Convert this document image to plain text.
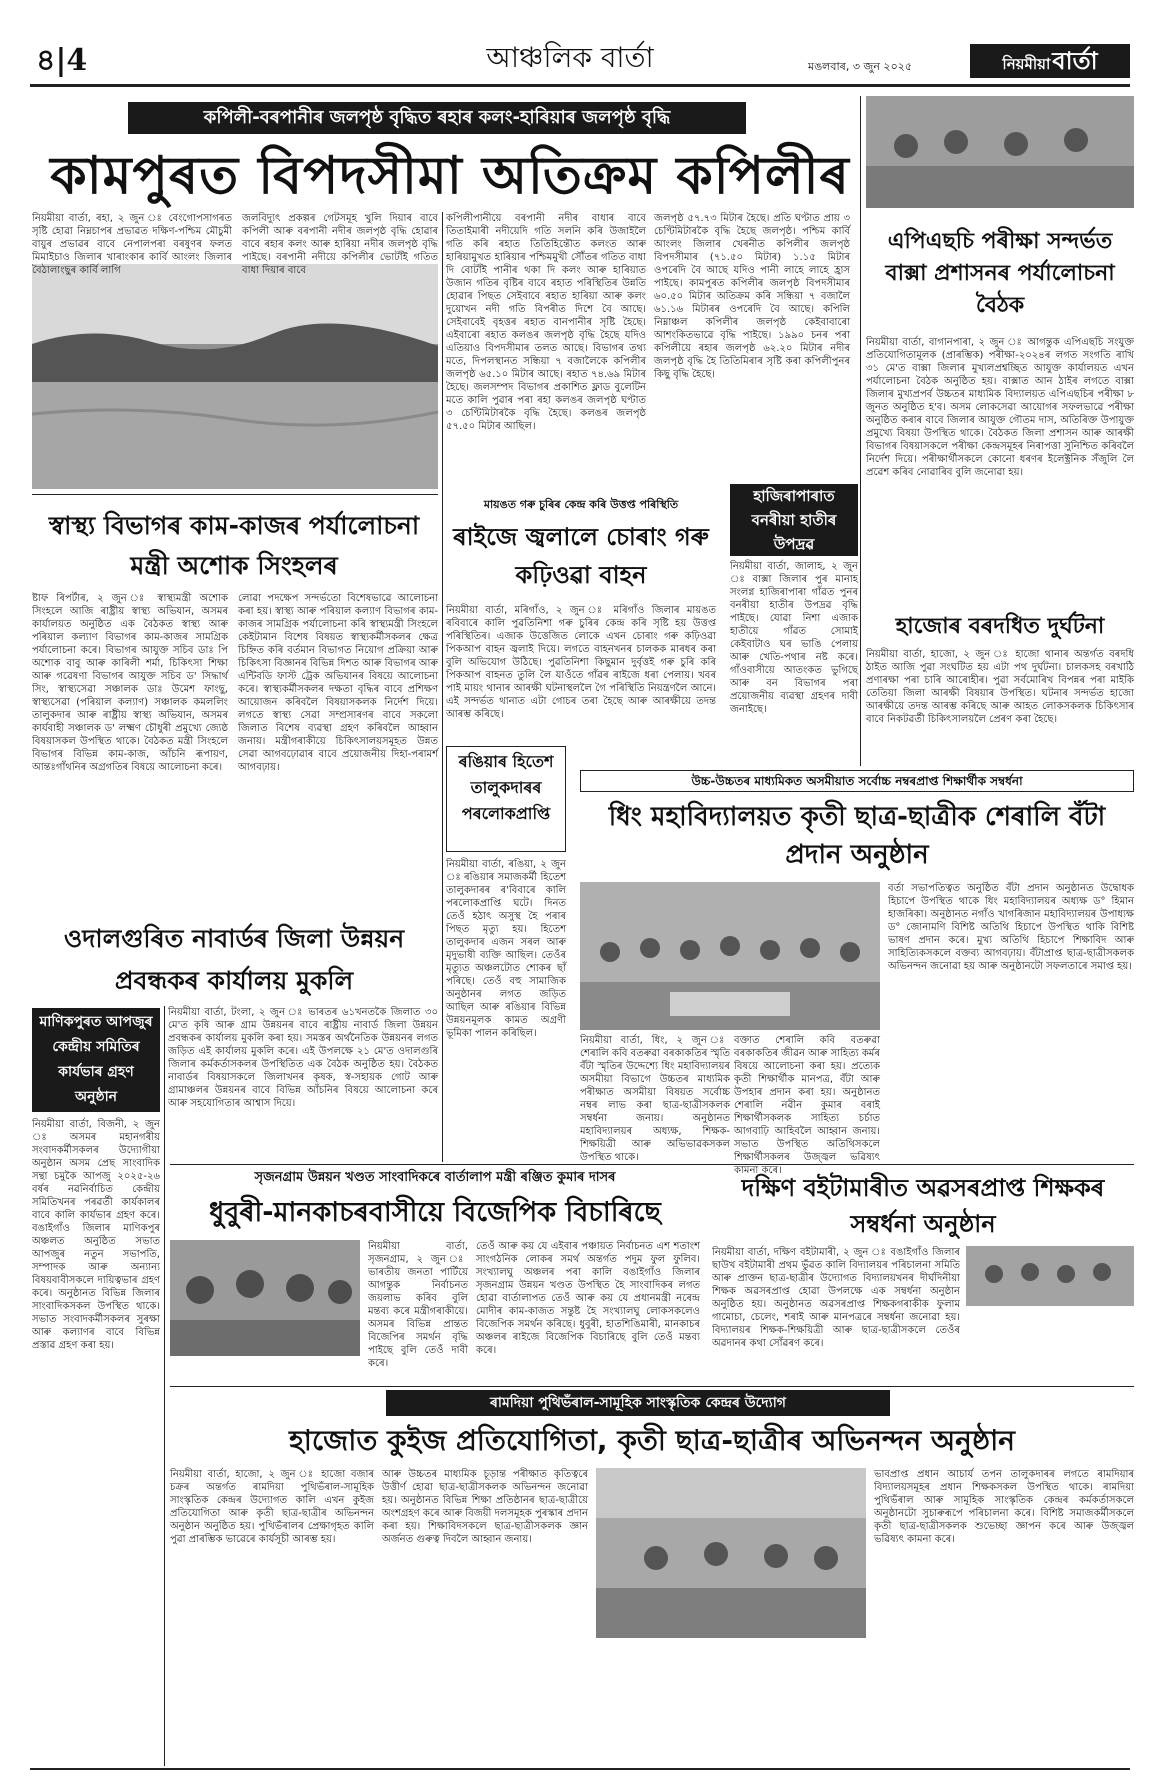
৪|4	আঞ্চলিক বাৰ্তা	মঙলবাৰ, ৩ জুন ২০২৫	নিয়মীয়াবাৰ্তা
কপিলী-বৰপানীৰ জলপৃষ্ঠ বৃদ্ধিত ৰহাৰ কলং-হাৰিয়াৰ জলপৃষ্ঠ বৃদ্ধি
কামপুৰত বিপদসীমা অতিক্ৰম কপিলীৰ
নিয়মীয়া বাৰ্তা, ৰহা, ২ জুন ঃ বেংগোপসাগৰত সৃষ্টি হোৱা নিম্নচাপৰ প্ৰভাৱত দক্ষিণ-পশ্চিম মৌচুমী বায়ুৰ প্ৰভাৱৰ বাবে নেপালপৰা বৰষুণৰ ফলত মিমাইচাও জিলাৰ খাৰাংকাৰ কাৰ্বি আংলং জিলাৰ বৈঠালাংছুৰ কাৰ্বি লাগি
জলবিদ্যুৎ প্ৰকল্পৰ গেটসমূহ খুলি দিয়াৰ বাবে কপিলী আৰু বৰপানী নদীৰ জলপৃষ্ঠ বৃদ্ধি হোৱাৰ বাবে ৰহাৰ কলং আৰু হাৰিয়া নদীৰ জলপৃষ্ঠ বৃদ্ধি পাইছে। বৰপানী নদীয়ে কপিলীৰ ভোটাঁই গতিত বাধা দিয়াৰ বাবে
কপিলীপানীয়ে বৰপানী নদীৰ বাধাৰ বাবে তিতাইমাৰী নদীয়েদি গতি সলনি কৰি উজাইলৈ গতি কৰি ৰহাত তিতিহিন্তৌত কলংত আৰু হাৰিয়ামুখত হাৰিয়াৰ পশ্চিমমুখী সৌঁতৰ গতিত বাধা দি বোটাঁই পানীৰ থকা দি কলং আৰু হাৰিয়াত উজান গতিৰ বৃষ্টিৰ বাবে ৰহাত পৰিস্থিতিৰ উন্নতি হোৱাৰ পিছত সেইবাবে ৰহাত হাৰিয়া আৰু কলং দুয়োখন নদী গতি বিপৰীত দিশে বৈ আছে। সেইবাবেই বৃহত্তৰ ৰহাত বানপানীৰ সৃষ্টি হৈছে। এইবাৰো ৰহাত কলঙৰ জলপৃষ্ঠ বৃদ্ধি হৈছে যদিও এতিয়াও বিপদসীমাৰ তলত আছে। বিভাগৰ তথ্য মতে, দিপলস্থানত সন্ধিয়া ৭ বজালৈকে কপিলীৰ জলপৃষ্ঠ ৬৫.১০ মিটাৰ আছে। ৰহাত ৭৪.৬৯ মিটাৰ হৈছে। জলসম্পদ বিভাগৰ প্ৰকাশিত ফ্লাড বুলেটিন মতে কালি পুৱাৰ পৰা ৰহা কলঙৰ জলপৃষ্ঠ ঘণ্টাত ৩ চেণ্টিমিটাৰকৈ বৃদ্ধি হৈছে। কলঙৰ জলপৃষ্ঠ ৫৭.৫০ মিটাৰ আছিল।
জলপৃষ্ঠ ৫৭.৭৩ মিটাৰ হৈছে। প্ৰতি ঘণ্টাত প্ৰায় ৩ চেণ্টিমিটাৰকৈ বৃদ্ধি হৈছে জলপৃষ্ঠ। পশ্চিম কাৰ্বি আংলং জিলাৰ খেৰনীত কপিলীৰ জলপৃষ্ঠ বিপদসীমাৰ (৭১.৫০ মিটাৰ) ১.১৫ মিটাৰ ওপৰেদি বৈ আছে যদিও পানী লাহে লাহে হ্ৰাস পাইছে। কামপুৰত কপিলীৰ জলপৃষ্ঠ বিপদসীমাৰ ৬০.৫০ মিটাৰ অতিক্ৰম কৰি সন্ধিয়া ৭ বজালৈ ৬১.১৬ মিটাৰৰ ওপৰেদি বৈ আছে। কপিলি নিম্নাঞ্চল কপিলীৰ জলপৃষ্ঠ কেইবাবাৰো আশংকিতভাৱে বৃদ্ধি পাইছে। ১৯৯০ চনৰ পৰা কপিলীয়ে ৰহাৰ জলপৃষ্ঠ ৬২.২০ মিটাৰ নদীৰ জলপৃষ্ঠ বৃদ্ধি হৈ তিতিমিৰাৰ সৃষ্টি কৰা কপিলীপুনৰ কিছু বৃদ্ধি হৈছে।
এপিএছচি পৰীক্ষা সন্দৰ্ভত বাক্সা প্ৰশাসনৰ পৰ্যালোচনা বৈঠক
নিয়মীয়া বাৰ্তা, বাগানপাৰা, ২ জুন ঃ আগন্তুক এপিএছচি সংযুক্ত প্ৰতিযোগিতামূলক (প্ৰাৰম্ভিক) পৰীক্ষা-২০২৪ৰ লগত সংগতি ৰাখি ৩১ মে'ত বাক্সা জিলাৰ মুখ্যলপ্ৰশ্বচ্ছিত আযুক্ত কাৰ্যালয়ত এখন পৰ্যালোচনা বৈঠক অনুষ্ঠিত হয়। বাক্সাত আন ঠাইৰ লগতে বাক্সা জিলাৰ মুখ্যপ্ৰপৰ্ব উচ্চতৰ মাধ্যমিক বিদ্যালয়ত এপিএছচিৰ পৰীক্ষা ৮ জুনত অনুষ্ঠিত হ'ব। অসম লোকসেৱা আয়োগৰ সফলভাৱে পৰীক্ষা অনুষ্ঠিত কৰাৰ বাবে জিলাৰ আযুক্ত গৌতম দাস, অতিৰিক্ত উপায়ুক্ত প্ৰমুখ্যে বিষয়া উপস্থিত থাকে। বৈঠকত জিলা প্ৰশাসন আৰু আৰক্ষী বিভাগৰ বিষয়াসকলে পৰীক্ষা কেন্দ্ৰসমূহৰ নিৰাপত্তা সুনিশ্চিত কৰিবলৈ নিৰ্দেশ দিয়ে। পৰীক্ষাৰ্থীসকলে কোনো ধৰণৰ ইলেক্ট্ৰনিক সঁজুলি লৈ প্ৰৱেশ কৰিব নোৱাৰিব বুলি জনোৱা হয়।
স্বাস্থ্য বিভাগৰ কাম-কাজৰ পৰ্যালোচনা মন্ত্ৰী অশোক সিংহলৰ
ষ্টাফ ৰিপৰ্টাৰ, ২ জুন ঃ স্বাস্থ্যমন্ত্ৰী অশোক সিংহলে আজি ৰাষ্ট্ৰীয় স্বাস্থ্য অভিযান, অসমৰ কাৰ্যালয়ত অনুষ্ঠিত এক বৈঠকত স্বাস্থ্য আৰু পৰিয়াল কল্যাণ বিভাগৰ কাম-কাজৰ সামগ্ৰিক পৰ্যালোচনা কৰে। বিভাগৰ আযুক্ত সচিব ডাঃ পি অশোক বাবু আৰু কাৰিলী শৰ্মা, চিকিৎসা শিক্ষা আৰু গৱেষণা বিভাগৰ আযুক্ত সচিব ড' সিদ্ধাৰ্থ সিং, স্বাস্থ্যসেৱা সঞ্চালক ডাঃ উমেশ ফাংছু, স্বাস্থ্যসেৱা (পৰিয়াল কল্যাণ) সঞ্চালক কমললিং তালুকদাৰ আৰু ৰাষ্ট্ৰীয় স্বাস্থ্য অভিযান, অসমৰ কাৰ্যবাহী সঞ্চালক ড' লক্ষ্মণ চৌধুৰী প্ৰমুখ্যে জ্যেষ্ঠ বিষয়াসকল উপস্থিত থাকে। বৈঠকত মন্ত্ৰী সিংহলে বিভাগৰ বিভিন্ন কাম-কাজ, আঁচনি ৰূপায়ণ, আন্তঃগাঁথনিৰ অগ্ৰগতিৰ বিষয়ে আলোচনা কৰে।
লোৱা পদক্ষেপ সন্দৰ্ভতো বিশেষভাৱে আলোচনা কৰা হয়। স্বাস্থ্য আৰু পৰিয়াল কল্যাণ বিভাগৰ কাম-কাজৰ সামগ্ৰিক পৰ্যালোচনা কৰি স্বাস্থ্যমন্ত্ৰী সিংহলে কেইটামান বিশেষ বিষয়ত স্বাস্থ্যকৰ্মীসকলৰ ক্ষেত্ৰ চিহ্নিত কৰি বৰ্তমান বিভাগত নিয়োগ প্ৰক্ৰিয়া আৰু চিকিৎসা বিজ্ঞানৰ বিভিন্ন দিশত আৰু বিভাগৰ আৰু এন্টিবডি ফাস্ট ট্ৰেক অভিযানৰ বিষয়ে আলোচনা কৰে। স্বাস্থ্যকৰ্মীসকলৰ দক্ষতা বৃদ্ধিৰ বাবে প্ৰশিক্ষণ আয়োজন কৰিবলৈ বিষয়াসকলক নিৰ্দেশ দিয়ে। লগতে স্বাস্থ্য সেৱা সম্প্ৰসাৰণৰ বাবে সকলো জিলাত বিশেষ ব্যৱস্থা গ্ৰহণ কৰিবলৈ আহ্বান জনায়। মন্ত্ৰীগৰাকীয়ে চিকিৎসালয়সমূহত উন্নত সেৱা আগবঢ়োৱাৰ বাবে প্ৰয়োজনীয় দিহা-পৰামৰ্শ আগবঢ়ায়।
মায়ঙত গৰু চুৰিৰ কেন্দ্ৰ কৰি উত্তপ্ত পৰিস্থিতি
ৰাইজে জ্বলালে চোৰাং গৰু কঢ়িওৱা বাহন
নিয়মীয়া বাৰ্তা, মৰিগাঁও, ২ জুন ঃ মৰিগাঁও জিলাৰ মায়ঙত ৰবিবাৰে কালি পুৱতিনিশা গৰু চুৰিৰ কেন্দ্ৰ কৰি সৃষ্টি হয় উত্তপ্ত পৰিস্থিতিৰ। এজাক উত্তেজিত লোকে এখন চোৰাং গৰু কঢ়িওৱা পিকআপ বাহন জ্বলাই দিয়ে। লগতে বাহনখনৰ চালকক মাৰধৰ কৰা বুলি অভিযোগ উঠিছে। পুৱতিনিশা কিছুমান দুৰ্বৃত্তই গৰু চুৰি কৰি পিকআপ বাহনত তুলি লৈ যাওঁতে গাঁৱৰ ৰাইজে ধৰা পেলায়। খবৰ পাই মায়ং থানাৰ আৰক্ষী ঘটনাস্থললৈ গৈ পৰিস্থিতি নিয়ন্ত্ৰণলৈ আনে। এই সন্দৰ্ভত থানাত এটা গোচৰ তৰা হৈছে আৰু আৰক্ষীয়ে তদন্ত আৰম্ভ কৰিছে।
হাজিৰাপাৰাত বনৰীয়া হাতীৰ উপদ্ৰৱ
নিয়মীয়া বাৰ্তা, জালাহ, ২ জুন ঃ বাক্সা জিলাৰ পুৰ মানাহ সংলগ্ন হাজিৰাপাৰা গাঁৱত পুনৰ বনৰীয়া হাতীৰ উপদ্ৰৱ বৃদ্ধি পাইছে। যোৱা নিশা এজাক হাতীয়ে গাঁৱত সোমাই কেইবাটাও ঘৰ ভাঙি পেলায় আৰু খেতি-পথাৰ নষ্ট কৰে। গাঁওবাসীয়ে আতংকত ভুগিছে আৰু বন বিভাগৰ পৰা প্ৰয়োজনীয় ব্যৱস্থা গ্ৰহণৰ দাবী জনাইছে।
হাজোৰ বৰদধিত দুৰ্ঘটনা
নিয়মীয়া বাৰ্তা, হাজো, ২ জুন ঃ হাজো থানাৰ অন্তৰ্গত বৰদধি ঠাইত আজি পুৱা সংঘটিত হয় এটা পথ দুৰ্ঘটনা। চালকসহ বৰখাঠি প্ৰণাৰক্ষা পৰা চাৰি আৰোহীৰ। পুৱা সৰ্বমোৰিখ বিপন্নৰ পৰা মাইকি তেতিয়া জিলা আৰক্ষী বিষয়াৰ উপস্থিত। ঘটনাৰ সন্দৰ্ভত হাজো আৰক্ষীয়ে তদন্ত আৰম্ভ কৰিছে আৰু আহত লোকসকলক চিকিৎসাৰ বাবে নিকটৱৰ্তী চিকিৎসালয়লৈ প্ৰেৰণ কৰা হৈছে।
ৰঙিয়াৰ হিতেশ তালুকদাৰৰ পৰলোকপ্ৰাপ্তি
নিয়মীয়া বাৰ্তা, ৰঙিয়া, ২ জুন ঃ ৰঙিয়াৰ সমাজকৰ্মী হিতেশ তালুকদাৰৰ ৰ'বিবাৰে কালি পৰলোকপ্ৰাপ্তি ঘটে। দিনত তেওঁ হঠাৎ অসুস্থ হৈ পৰাৰ পিছত মৃত্যু হয়। হিতেশ তালুকদাৰ এজন সৰল আৰু মৃদুভাষী ব্যক্তি আছিল। তেওঁৰ মৃত্যুত অঞ্চলটোত শোকৰ ছাঁ পৰিছে। তেওঁ বহু সামাজিক অনুষ্ঠানৰ লগত জড়িত আছিল আৰু ৰঙিয়াৰ বিভিন্ন উন্নয়নমূলক কামত অগ্ৰণী ভূমিকা পালন কৰিছিল।
উচ্চ-উচ্চতৰ মাধ্যমিকত অসমীয়াত সৰ্বোচ্চ নম্বৰপ্ৰাপ্ত শিক্ষাৰ্থীক সম্বৰ্ধনা
ধিং মহাবিদ্যালয়ত কৃতী ছাত্ৰ-ছাত্ৰীক শেৰালি বঁটা প্ৰদান অনুষ্ঠান
নিয়মীয়া বাৰ্তা, ধিং, ২ জুন ঃ শেৰালি কবি বতৰুৱা বৰকাকতিৰ স্মৃতি বঁটা স্মৃতিৰ উদ্দেশ্যে ধিং মহাবিদ্যালয়ৰ অসমীয়া বিভাগে উচ্চতৰ মাধ্যমিক পৰীক্ষাত অসমীয়া বিষয়ত সৰ্বোচ্চ নম্বৰ লাভ কৰা ছাত্ৰ-ছাত্ৰীসকলক সম্বৰ্ধনা জনায়। অনুষ্ঠানত মহাবিদ্যালয়ৰ অধ্যক্ষ, শিক্ষক-শিক্ষয়িত্ৰী আৰু অভিভাৱকসকল উপস্থিত থাকে।
বক্তাত শেৰালি কবি বতৰুৱা বৰকাকতিৰ জীৱন আৰু সাহিত্য কৰ্মৰ বিষয়ে আলোচনা কৰা হয়। প্ৰত্যেক কৃতী শিক্ষাৰ্থীক মানপত্ৰ, বঁটা আৰু উপহাৰ প্ৰদান কৰা হয়। অনুষ্ঠানত শেৰালি নৱীন কুমাৰ বৰাই শিক্ষাৰ্থীসকলক সাহিত্য চৰ্চাত আগবাঢ়ি আহিবলৈ আহ্বান জনায়। সভাত উপস্থিত অতিথিসকলে শিক্ষাৰ্থীসকলৰ উজ্জ্বল ভৱিষ্যৎ কামনা কৰে।
বৰ্তা সভাপতিত্বত অনুষ্ঠিত বঁটা প্ৰদান অনুষ্ঠানত উদ্বোধক হিচাপে উপস্থিত থাকে ধিং মহাবিদ্যালয়ৰ অধ্যক্ষ ড° হিমান হাজৰিকা। অনুষ্ঠানত নগাঁও খাগৰিজান মহাবিদ্যালয়ৰ উপাধ্যক্ষ ড° জোনামণি বিশিষ্ট অতিথি হিচাপে উপস্থিত থাকি বিশিষ্ট ভাষণ প্ৰদান কৰে। মুখ্য অতিথি হিচাপে শিক্ষাবিদ আৰু সাহিত্যিকসকলে বক্তব্য আগবঢ়ায়। বঁটাপ্ৰাপ্ত ছাত্ৰ-ছাত্ৰীসকলক অভিনন্দন জনোৱা হয় আৰু অনুষ্ঠানটো সফলতাৰে সমাপ্ত হয়।
ওদালগুৰিত নাবাৰ্ডৰ জিলা উন্নয়ন প্ৰবন্ধকৰ কাৰ্যালয় মুকলি
নিয়মীয়া বাৰ্তা, টংলা, ২ জুন ঃ ভাৰতৰ ৬১খনতকৈ জিলাত ৩০ মে'ত কৃষি আৰু গ্ৰাম উন্নয়নৰ বাবে ৰাষ্ট্ৰীয় নাবাৰ্ড জিলা উন্নয়ন প্ৰবন্ধকৰ কাৰ্যালয় মুকলি কৰা হয়। সমস্তৰ অৰ্থনৈতিক উন্নয়নৰ লগত জড়িত এই কাৰ্যালয় মুকলি কৰে। এই উপলক্ষে ২১ মে'ত ওদালগুৰি জিলাৰ কৰ্মকৰ্তাসকলৰ উপস্থিতিত এক বৈঠক অনুষ্ঠিত হয়। বৈঠকত নাবাৰ্ডৰ বিষয়াসকলে জিলাখনৰ কৃষক, স্ব-সহায়ক গোট আৰু গ্ৰামাঞ্চলৰ উন্নয়নৰ বাবে বিভিন্ন আঁচনিৰ বিষয়ে আলোচনা কৰে আৰু সহযোগিতাৰ আশ্বাস দিয়ে।
মাণিকপুৰত আপজুৰ কেন্দ্ৰীয় সমিতিৰ কাৰ্যভাৰ গ্ৰহণ অনুষ্ঠান
নিয়মীয়া বাৰ্তা, বিজনী, ২ জুন ঃ অসমৰ মহানগৰীয় সংবাদকৰ্মীসকলৰ উদ্যোগীয়া অনুষ্ঠান অসম প্ৰেছ সাংবাদিক সন্থা চমুকৈ আপজু ২০২৫-২৬ বৰ্ষৰ নৱনিৰ্বাচিত কেন্দ্ৰীয় সমিতিখনৰ পৰৱৰ্তী কাৰ্যকালৰ বাবে কালি কাৰ্যভাৰ গ্ৰহণ কৰে। বঙাইগাঁও জিলাৰ মাণিকপুৰ অঞ্চলত অনুষ্ঠিত সভাত আপজুৰ নতুন সভাপতি, সম্পাদক আৰু অন্যান্য বিষয়বাবীসকলে দায়িত্বভাৰ গ্ৰহণ কৰে। অনুষ্ঠানত বিভিন্ন জিলাৰ সাংবাদিকসকল উপস্থিত থাকে। সভাত সংবাদকৰ্মীসকলৰ সুৰক্ষা আৰু কল্যাণৰ বাবে বিভিন্ন প্ৰস্তাৱ গ্ৰহণ কৰা হয়।
সৃজনগ্ৰাম উন্নয়ন খণ্ডত সাংবাদিকৰে বাৰ্তালাপ মন্ত্ৰী ৰঞ্জিত কুমাৰ দাসৰ
ধুবুৰী-মানকাচৰবাসীয়ে বিজেপিক বিচাৰিছে
নিয়মীয়া বাৰ্তা, সৃজনগ্ৰাম, ২ জুন ঃ ভাৰতীয় জনতা পাৰ্টিয়ে আগন্তুক নিৰ্বাচনত জয়লাভ কৰিব বুলি মন্তব্য কৰে মন্ত্ৰীগৰাকীয়ে। অসমৰ বিভিন্ন প্ৰান্তত বিজেপিৰ সমৰ্থন বৃদ্ধি পাইছে বুলি তেওঁ দাবী কৰে।
তেওঁ আৰু কয় যে এইবাৰ পঞ্চায়ত নিৰ্বাচনত এশ শতাংশ সাংগঠনিক লোকৰ সমৰ্থ অন্তৰ্গত পদুম ফুল ফুলিব। সংখ্যালঘু অঞ্চলৰ পৰা কালি বঙাইগাঁও জিলাৰ সৃজনগ্ৰাম উন্নয়ন খণ্ডত উপস্থিত হৈ সাংবাদিকৰ লগত হোৱা বাৰ্তালাপত তেওঁ আৰু কয় যে প্ৰধানমন্ত্ৰী নৰেন্দ্ৰ মোদীৰ কাম-কাজত সন্তুষ্ট হৈ সংখ্যালঘু লোকসকলেও বিজেপিক সমৰ্থন কৰিছে। ধুবুৰী, হাতশিঙিমাৰী, মানকাচৰ অঞ্চলৰ ৰাইজে বিজেপিক বিচাৰিছে বুলি তেওঁ মন্তব্য কৰে।
দক্ষিণ বইটামাৰীত অৱসৰপ্ৰাপ্ত শিক্ষকৰ সম্বৰ্ধনা অনুষ্ঠান
নিয়মীয়া বাৰ্তা, দক্ষিণ বইটামাৰী, ২ জুন ঃ বঙাইগাঁও জিলাৰ ছাউখ বইটামাৰী প্ৰথম ভুঁৱত কালি বিদ্যালয়ৰ পৰিচালনা সমিতি আৰু প্ৰাক্তন ছাত্ৰ-ছাত্ৰীৰ উদ্যোগত বিদ্যালয়খনৰ দীৰ্ঘদিনীয়া শিক্ষক অৱসৰপ্ৰাপ্ত হোৱা উপলক্ষে এক সম্বৰ্ধনা অনুষ্ঠান অনুষ্ঠিত হয়। অনুষ্ঠানত অৱসৰপ্ৰাপ্ত শিক্ষকগৰাকীক ফুলাম গামোচা, চেলেং, শৰাই আৰু মানপত্ৰৰে সম্বৰ্ধনা জনোৱা হয়। বিদ্যালয়ৰ শিক্ষক-শিক্ষয়িত্ৰী আৰু ছাত্ৰ-ছাত্ৰীসকলে তেওঁৰ অৱদানৰ কথা সোঁৱৰণ কৰে।
ৰামদিয়া পুথিভঁৰাল-সামূহিক সাংস্কৃতিক কেন্দ্ৰৰ উদ্যোগ
হাজোত কুইজ প্ৰতিযোগিতা, কৃতী ছাত্ৰ-ছাত্ৰীৰ অভিনন্দন অনুষ্ঠান
নিয়মীয়া বাৰ্তা, হাজো, ২ জুন ঃ হাজো বজাৰ চক্ৰৰ অন্তৰ্গত ৰামদিয়া পুথিভঁৰাল-সামূহিক সাংস্কৃতিক কেন্দ্ৰৰ উদ্যোগত কালি এখন কুইজ প্ৰতিযোগিতা আৰু কৃতী ছাত্ৰ-ছাত্ৰীৰ অভিনন্দন অনুষ্ঠান অনুষ্ঠিত হয়। পুথিভঁৰালৰ প্ৰেক্ষাগৃহত কালি পুৱা প্ৰাৰম্ভিক ভাৱেৰে কাৰ্যসূচী আৰম্ভ হয়।
আৰু উচ্চতৰ মাধ্যমিক চূড়ান্ত পৰীক্ষাত কৃতিত্বৰে উত্তীৰ্ণ হোৱা ছাত্ৰ-ছাত্ৰীসকলক অভিনন্দন জনোৱা হয়। অনুষ্ঠানত বিভিন্ন শিক্ষা প্ৰতিষ্ঠানৰ ছাত্ৰ-ছাত্ৰীয়ে অংশগ্ৰহণ কৰে আৰু বিজয়ী দলসমূহক পুৰস্কাৰ প্ৰদান কৰা হয়। শিক্ষাবিদসকলে ছাত্ৰ-ছাত্ৰীসকলক জ্ঞান অৰ্জনত গুৰুত্ব দিবলৈ আহ্বান জনায়।
ভাবপ্ৰাপ্ত প্ৰধান আচাৰ্য তপন তালুকদাৰৰ লগতে ৰামদিয়াৰ বিদ্যালয়সমূহৰ প্ৰধান শিক্ষকসকল উপস্থিত থাকে। ৰামদিয়া পুথিভঁৰাল আৰু সামূহিক সাংস্কৃতিক কেন্দ্ৰৰ কৰ্মকৰ্তাসকলে অনুষ্ঠানটো সুচাৰুৰূপে পৰিচালনা কৰে। বিশিষ্ট সমাজকৰ্মীসকলে কৃতী ছাত্ৰ-ছাত্ৰীসকলক শুভেচ্ছা জ্ঞাপন কৰে আৰু উজ্জ্বল ভৱিষ্যৎ কামনা কৰে।
